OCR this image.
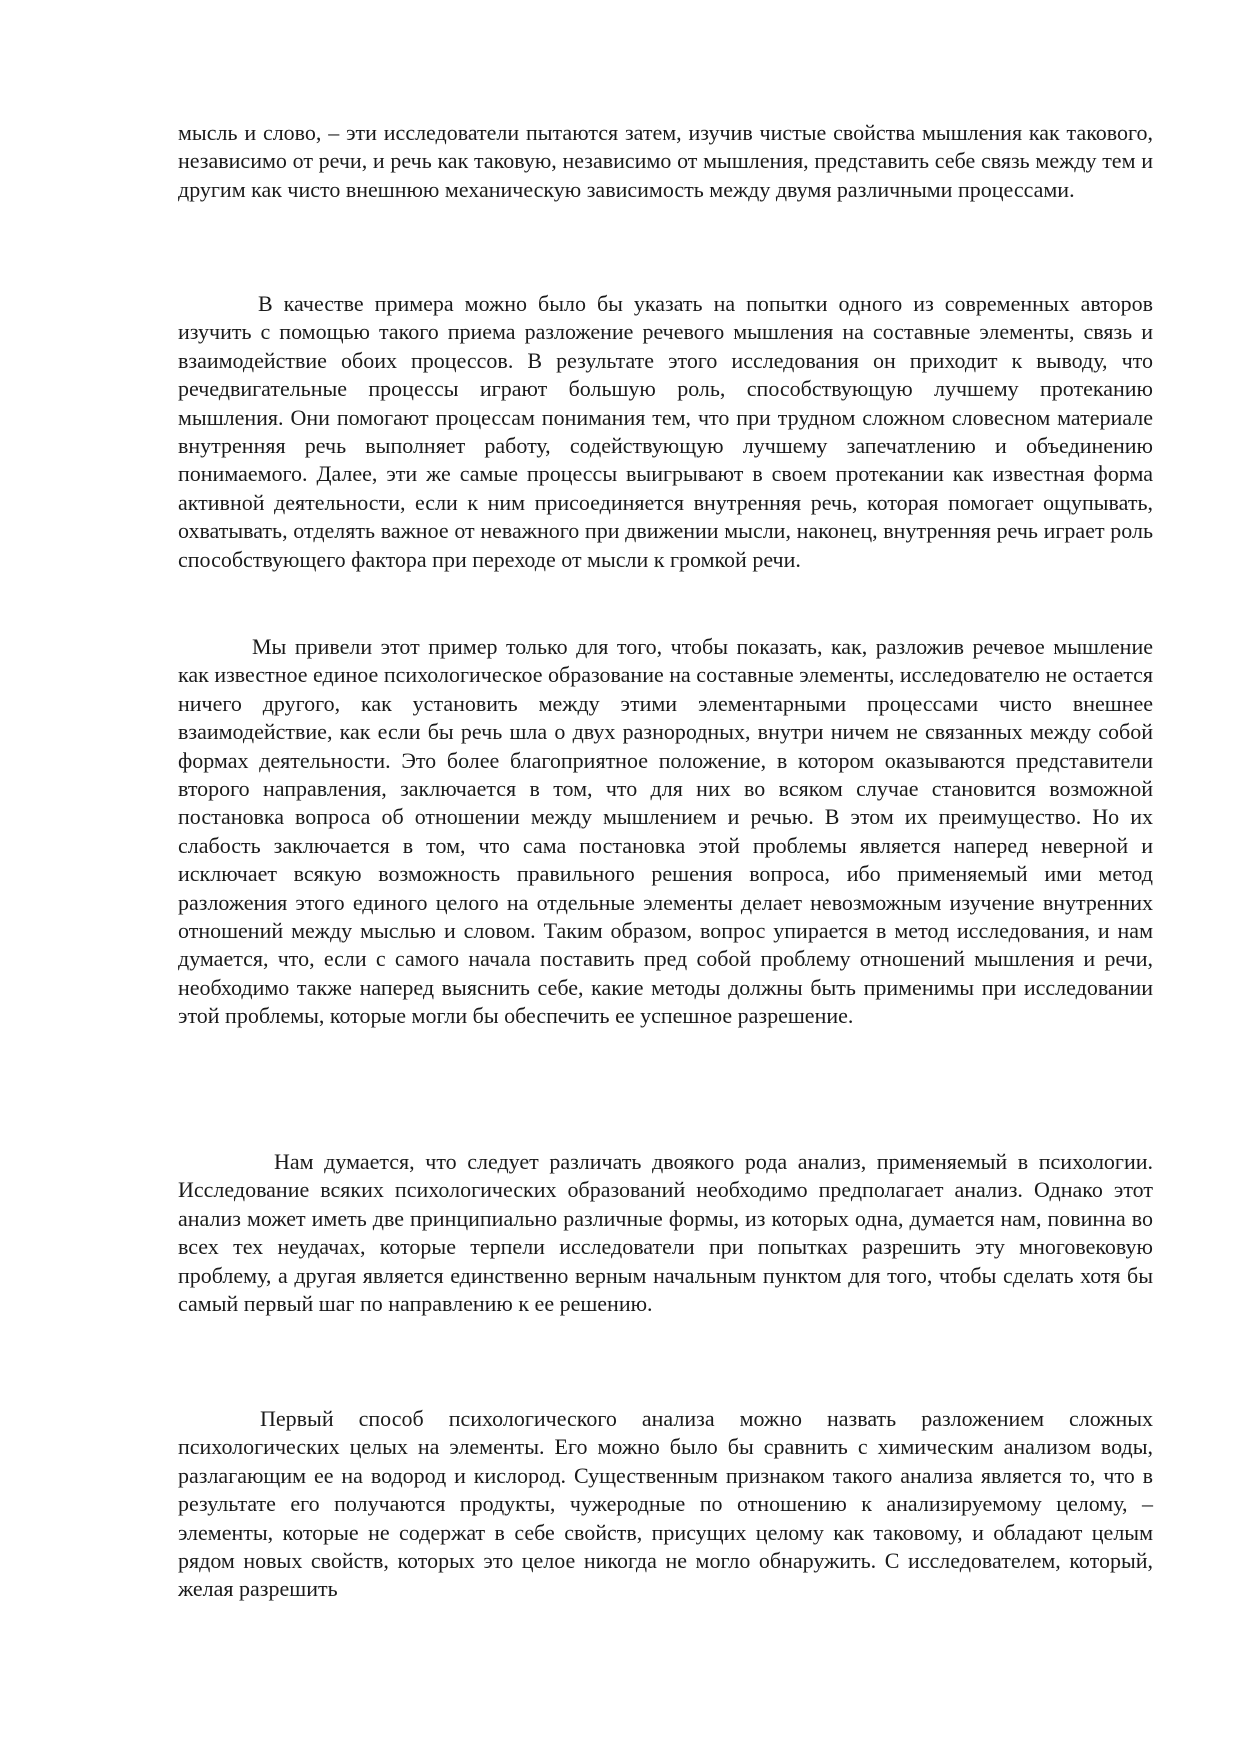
мысль и слово, – эти исследователи пытаются затем, изучив чистые свойства мышления как такового, независимо от речи, и речь как таковую, независимо от мышления, представить себе связь между тем и другим как чисто внешнюю механическую зависимость между двумя различными процессами.

В качестве примера можно было бы указать на попытки одного из современных авторов изучить с помощью такого приема разложение речевого мышления на составные элементы, связь и взаимодействие обоих процессов. В результате этого исследования он приходит к выводу, что речедвигательные процессы играют большую роль, способствующую лучшему протеканию мышления. Они помогают процессам понимания тем, что при трудном сложном словесном материале внутренняя речь выполняет работу, содействующую лучшему запечатлению и объединению понимаемого. Далее, эти же самые процессы выигрывают в своем протекании как известная форма активной деятельности, если к ним присоединяется внутренняя речь, которая помогает ощупывать, охватывать, отделять важное от неважного при движении мысли, наконец, внутренняя речь играет роль способствующего фактора при переходе от мысли к громкой речи.

Мы привели этот пример только для того, чтобы показать, как, разложив речевое мышление как известное единое психологическое образование на составные элементы, исследователю не остается ничего другого, как установить между этими элементарными процессами чисто внешнее взаимодействие, как если бы речь шла о двух разнородных, внутри ничем не связанных между собой формах деятельности. Это более благоприятное положение, в котором оказываются представители второго направления, заключается в том, что для них во всяком случае становится возможной постановка вопроса об отношении между мышлением и речью. В этом их преимущество. Но их слабость заключается в том, что сама постановка этой проблемы является наперед неверной и исключает всякую возможность правильного решения вопроса, ибо применяемый ими метод разложения этого единого целого на отдельные элементы делает невозможным изучение внутренних отношений между мыслью и словом. Таким образом, вопрос упирается в метод исследования, и нам думается, что, если с самого начала поставить пред собой проблему отношений мышления и речи, необходимо также наперед выяснить себе, какие методы должны быть применимы при исследовании этой проблемы, которые могли бы обеспечить ее успешное разрешение.

Нам думается, что следует различать двоякого рода анализ, применяемый в психологии. Исследование всяких психологических образований необходимо предполагает анализ. Однако этот анализ может иметь две принципиально различные формы, из которых одна, думается нам, повинна во всех тех неудачах, которые терпели исследователи при попытках разрешить эту многовековую проблему, а другая является единственно верным начальным пунктом для того, чтобы сделать хотя бы самый первый шаг по направлению к ее решению.

Первый способ психологического анализа можно назвать разложением сложных психологических целых на элементы. Его можно было бы сравнить с химическим анализом воды, разлагающим ее на водород и кислород. Существенным признаком такого анализа является то, что в результате его получаются продукты, чужеродные по отношению к анализируемому целому, – элементы, которые не содержат в себе свойств, присущих целому как таковому, и обладают целым рядом новых свойств, которых это целое никогда не могло обнаружить. С исследователем, который, желая разрешить
